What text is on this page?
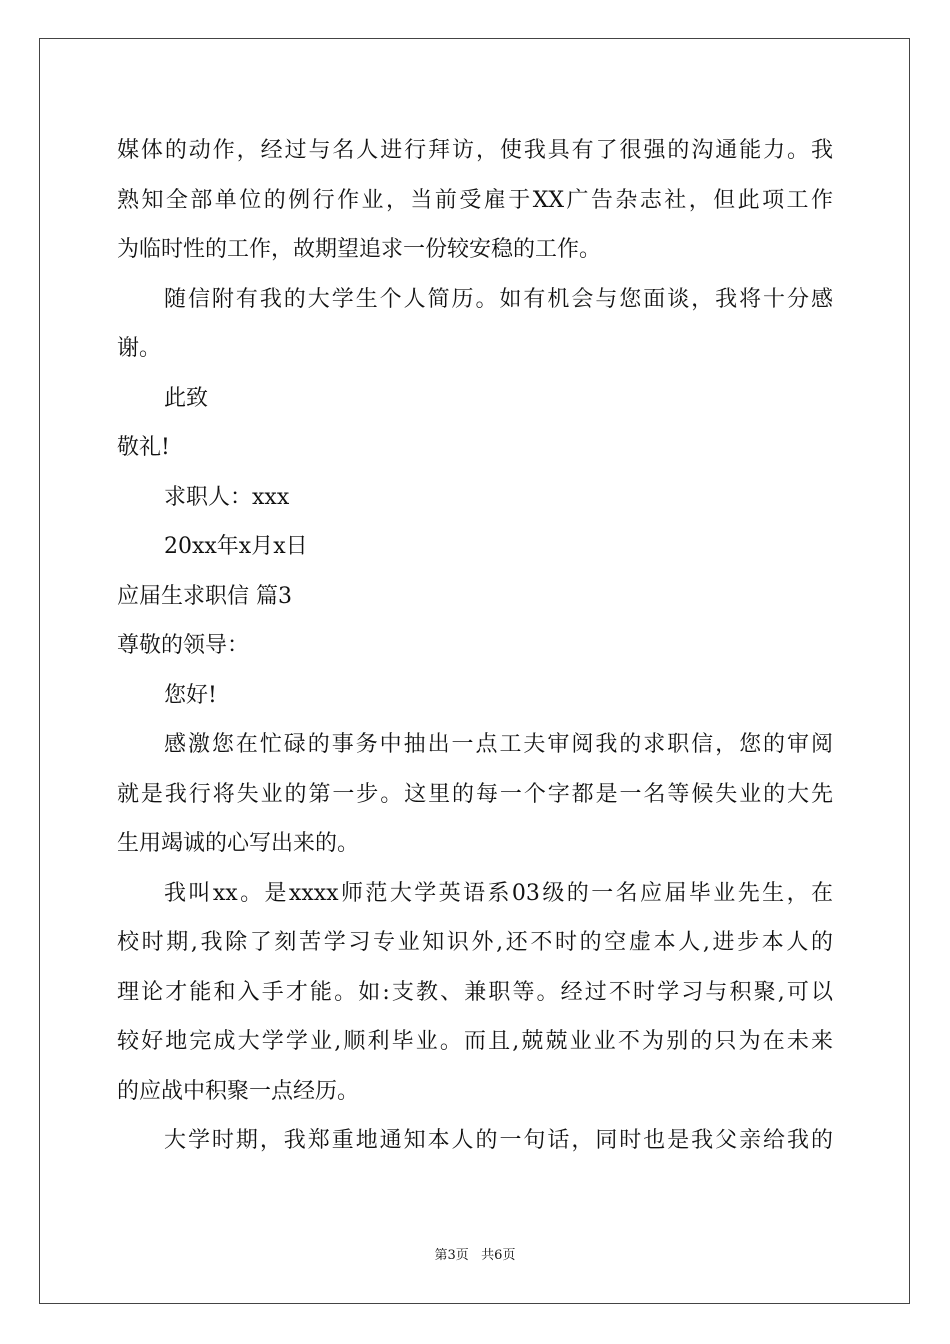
媒体的动作，经过与名人进行拜访，使我具有了很强的沟通能力。我
熟知全部单位的例行作业，当前受雇于XX广告杂志社，但此项工作
为临时性的工作，故期望追求一份较安稳的工作。
随信附有我的大学生个人简历。如有机会与您面谈，我将十分感
谢。
此致
敬礼!
求职人：xxx
20xx年x月x日
应届生求职信 篇3
尊敬的领导：
您好!
感激您在忙碌的事务中抽出一点工夫审阅我的求职信，您的审阅
就是我行将失业的第一步。这里的每一个字都是一名等候失业的大先
生用竭诚的心写出来的。
我叫xx。是xxxx师范大学英语系03级的一名应届毕业先生，在
校时期,我除了刻苦学习专业知识外,还不时的空虚本人,进步本人的
理论才能和入手才能。如:支教、兼职等。经过不时学习与积聚,可以
较好地完成大学学业,顺利毕业。而且,兢兢业业不为别的只为在未来
的应战中积聚一点经历。
大学时期，我郑重地通知本人的一句话，同时也是我父亲给我的
第3页   共6页
